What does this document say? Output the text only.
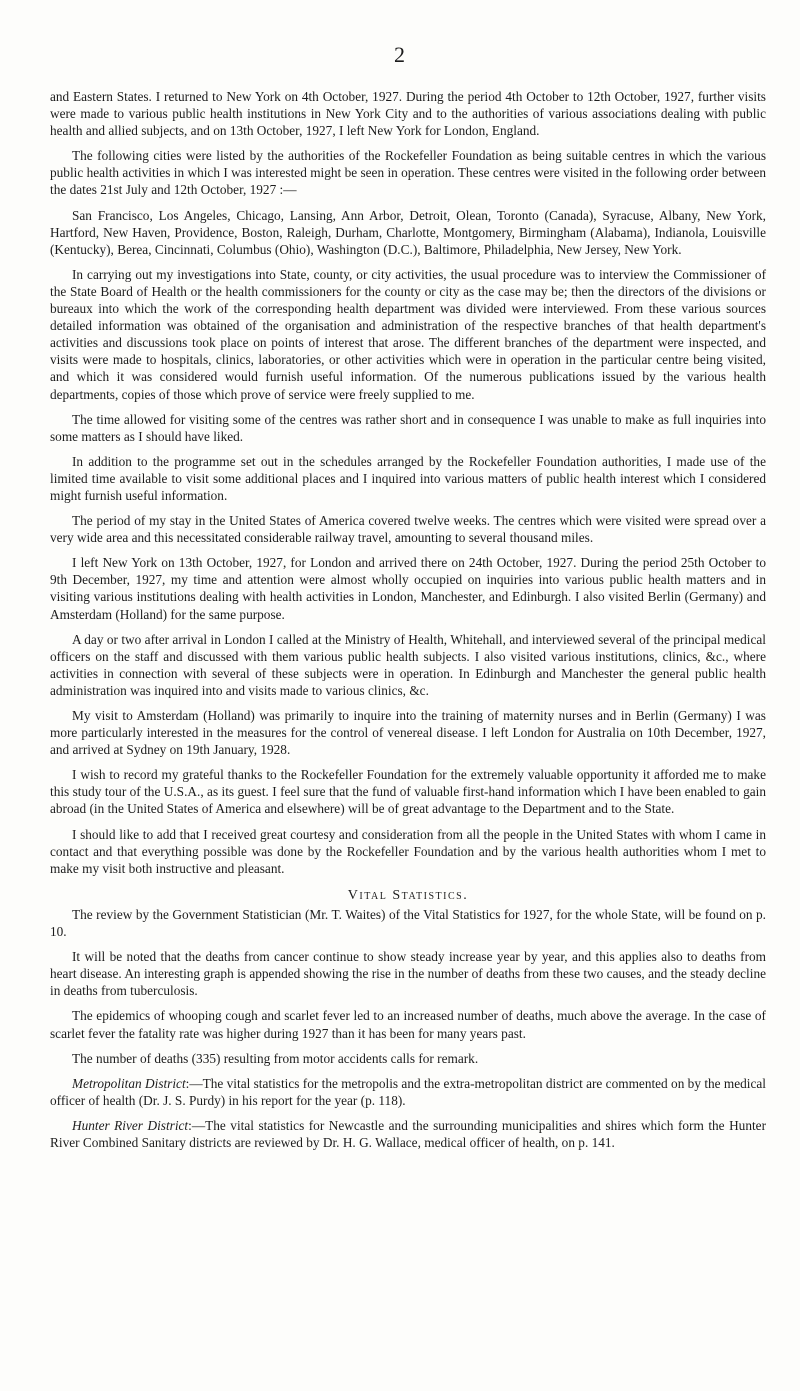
2

and Eastern States. I returned to New York on 4th October, 1927. During the period 4th October to 12th October, 1927, further visits were made to various public health institutions in New York City and to the authorities of various associations dealing with public health and allied subjects, and on 13th October, 1927, I left New York for London, England.

The following cities were listed by the authorities of the Rockefeller Foundation as being suitable centres in which the various public health activities in which I was interested might be seen in operation. These centres were visited in the following order between the dates 21st July and 12th October, 1927 :—

San Francisco, Los Angeles, Chicago, Lansing, Ann Arbor, Detroit, Olean, Toronto (Canada), Syracuse, Albany, New York, Hartford, New Haven, Providence, Boston, Raleigh, Durham, Charlotte, Montgomery, Birmingham (Alabama), Indianola, Louisville (Kentucky), Berea, Cincinnati, Columbus (Ohio), Washington (D.C.), Baltimore, Philadelphia, New Jersey, New York.

In carrying out my investigations into State, county, or city activities, the usual procedure was to interview the Commissioner of the State Board of Health or the health commissioners for the county or city as the case may be; then the directors of the divisions or bureaux into which the work of the corresponding health department was divided were interviewed. From these various sources detailed information was obtained of the organisation and administration of the respective branches of that health department's activities and discussions took place on points of interest that arose. The different branches of the department were inspected, and visits were made to hospitals, clinics, laboratories, or other activities which were in operation in the particular centre being visited, and which it was considered would furnish useful information. Of the numerous publications issued by the various health departments, copies of those which prove of service were freely supplied to me.

The time allowed for visiting some of the centres was rather short and in consequence I was unable to make as full inquiries into some matters as I should have liked.

In addition to the programme set out in the schedules arranged by the Rockefeller Foundation authorities, I made use of the limited time available to visit some additional places and I inquired into various matters of public health interest which I considered might furnish useful information.

The period of my stay in the United States of America covered twelve weeks. The centres which were visited were spread over a very wide area and this necessitated considerable railway travel, amounting to several thousand miles.

I left New York on 13th October, 1927, for London and arrived there on 24th October, 1927. During the period 25th October to 9th December, 1927, my time and attention were almost wholly occupied on inquiries into various public health matters and in visiting various institutions dealing with health activities in London, Manchester, and Edinburgh. I also visited Berlin (Germany) and Amsterdam (Holland) for the same purpose.

A day or two after arrival in London I called at the Ministry of Health, Whitehall, and interviewed several of the principal medical officers on the staff and discussed with them various public health subjects. I also visited various institutions, clinics, &c., where activities in connection with several of these subjects were in operation. In Edinburgh and Manchester the general public health administration was inquired into and visits made to various clinics, &c.

My visit to Amsterdam (Holland) was primarily to inquire into the training of maternity nurses and in Berlin (Germany) I was more particularly interested in the measures for the control of venereal disease. I left London for Australia on 10th December, 1927, and arrived at Sydney on 19th January, 1928.

I wish to record my grateful thanks to the Rockefeller Foundation for the extremely valuable opportunity it afforded me to make this study tour of the U.S.A., as its guest. I feel sure that the fund of valuable first-hand information which I have been enabled to gain abroad (in the United States of America and elsewhere) will be of great advantage to the Department and to the State.

I should like to add that I received great courtesy and consideration from all the people in the United States with whom I came in contact and that everything possible was done by the Rockefeller Foundation and by the various health authorities whom I met to make my visit both instructive and pleasant.

Vital Statistics.

The review by the Government Statistician (Mr. T. Waites) of the Vital Statistics for 1927, for the whole State, will be found on p. 10.

It will be noted that the deaths from cancer continue to show steady increase year by year, and this applies also to deaths from heart disease. An interesting graph is appended showing the rise in the number of deaths from these two causes, and the steady decline in deaths from tuberculosis.

The epidemics of whooping cough and scarlet fever led to an increased number of deaths, much above the average. In the case of scarlet fever the fatality rate was higher during 1927 than it has been for many years past.

The number of deaths (335) resulting from motor accidents calls for remark.

Metropolitan District:—The vital statistics for the metropolis and the extra-metropolitan district are commented on by the medical officer of health (Dr. J. S. Purdy) in his report for the year (p. 118).

Hunter River District:—The vital statistics for Newcastle and the surrounding municipalities and shires which form the Hunter River Combined Sanitary districts are reviewed by Dr. H. G. Wallace, medical officer of health, on p. 141.
